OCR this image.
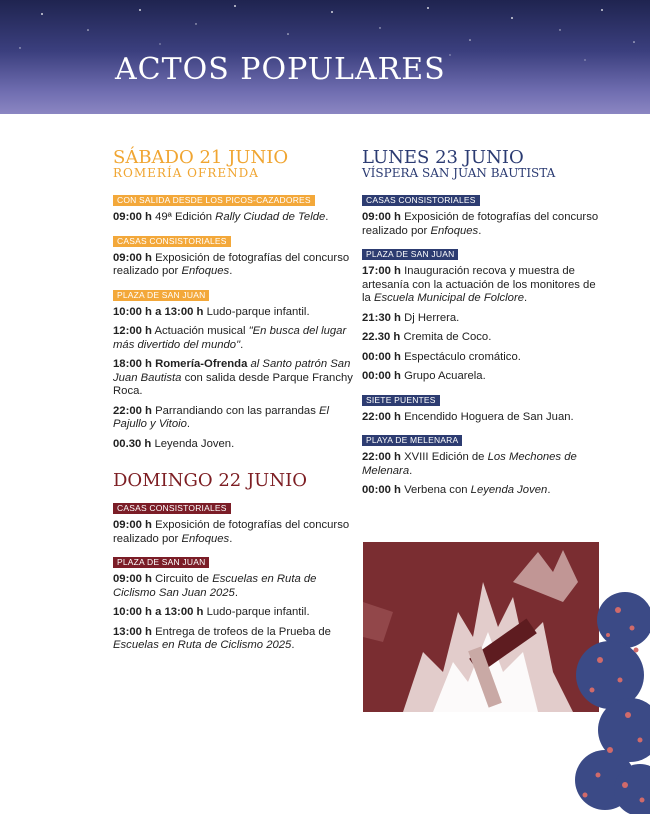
ACTOS POPULARES
SÁBADO 21 JUNIO

ROMERÍA OFRENDA

CON SALIDA DESDE LOS PICOS-CAZADORES

09:00 h 49ª Edición Rally Ciudad de Telde.

CASAS CONSISTORIALES

09:00 h Exposición de fotografías del concurso realizado por Enfoques.

PLAZA DE SAN JUAN

10:00 h a 13:00 h Ludo-parque infantil.

12:00 h Actuación musical "En busca del lugar más divertido del mundo".

18:00 h Romería-Ofrenda al Santo patrón San Juan Bautista con salida desde Parque Franchy Roca.

22:00 h Parrandiando con las parrandas El Pajullo y Vitoio.

00.30 h Leyenda Joven.

DOMINGO 22 JUNIO
CASAS CONSISTORIALES

09:00 h Exposición de fotografías del concurso realizado por Enfoques.

PLAZA DE SAN JUAN

09:00 h Circuito de Escuelas en Ruta de Ciclismo San Juan 2025.

10:00 h a 13:00 h Ludo-parque infantil.

13:00 h Entrega de trofeos de la Prueba de Escuelas en Ruta de Ciclismo 2025.

LUNES 23 JUNIO

VÍSPERA SAN JUAN BAUTISTA

CASAS CONSISTORIALES

09:00 h Exposición de fotografías del concurso realizado por Enfoques.

PLAZA DE SAN JUAN

17:00 h Inauguración recova y muestra de artesanía con la actuación de los monitores de la Escuela Municipal de Folclore.

21:30 h Dj Herrera.

22.30 h Cremita de Coco.

00:00 h Espectáculo cromático.

00:00 h Grupo Acuarela.

SIETE PUENTES

22:00 h Encendido Hoguera de San Juan.

PLAYA DE MELENARA

22:00 h XVIII Edición de Los Mechones de Melenara.

00:00 h Verbena con Leyenda Joven.
